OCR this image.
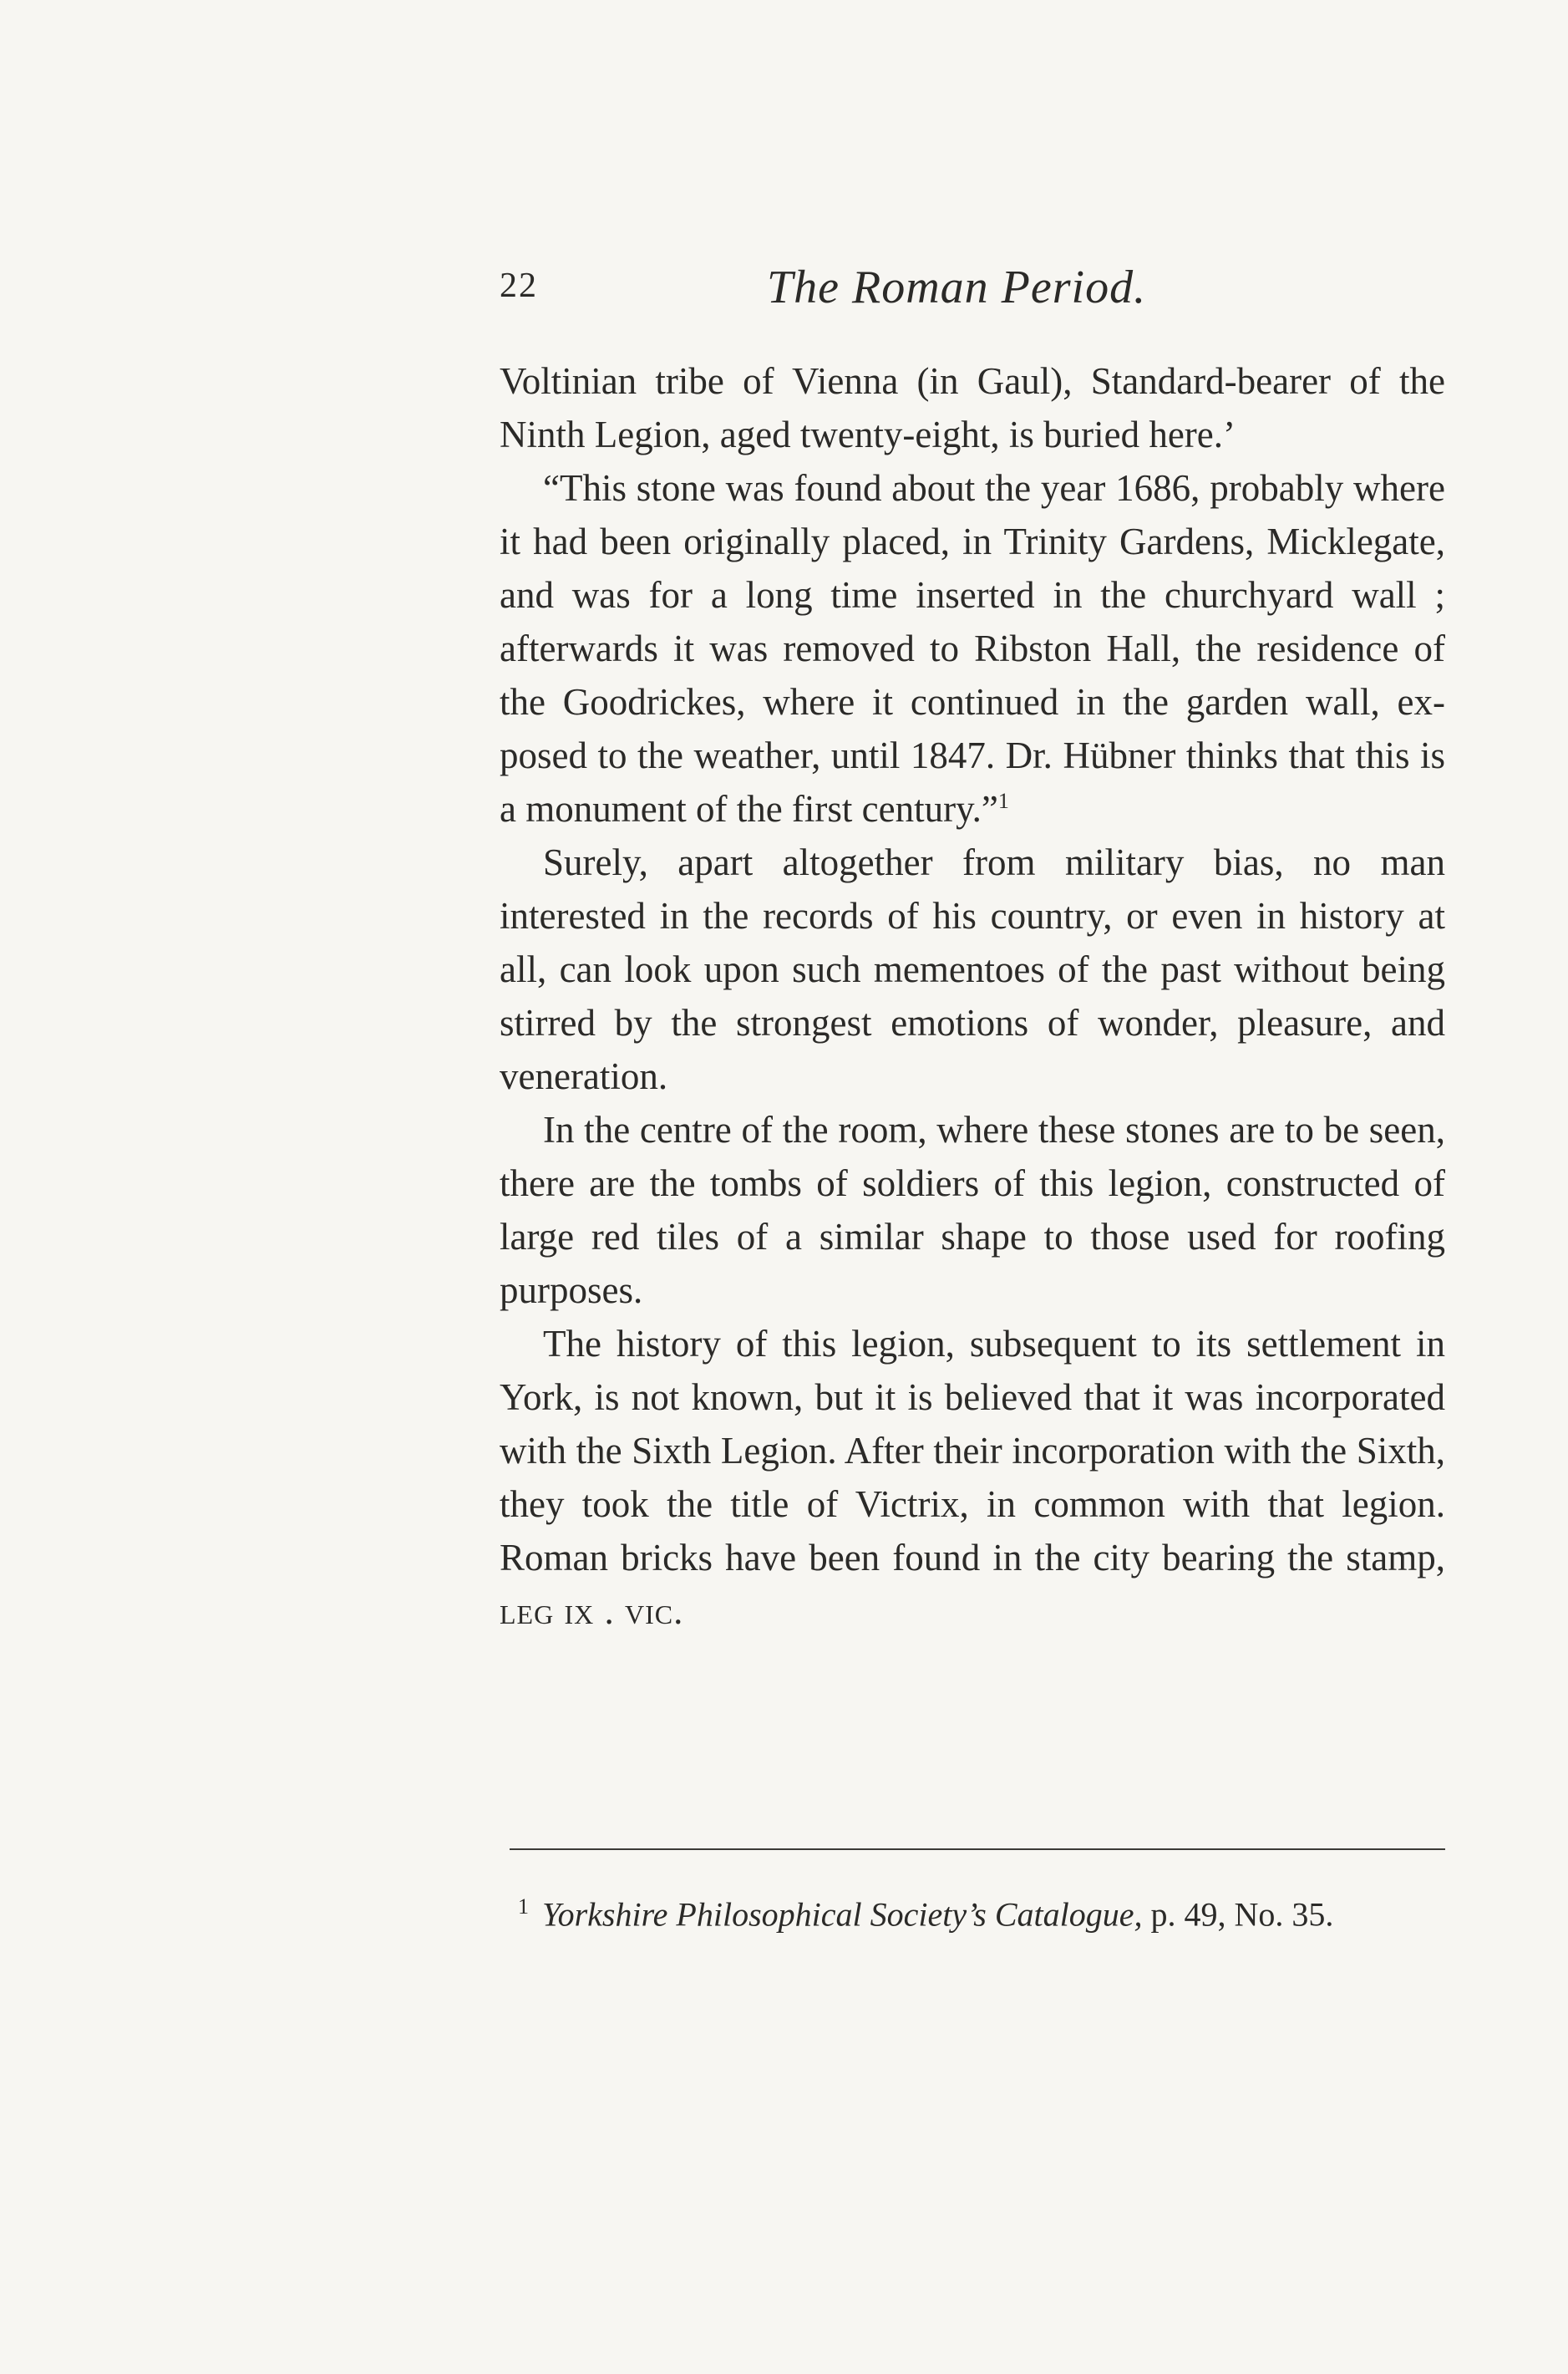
22	The Roman Period.

Voltinian tribe of Vienna (in Gaul), Standard-bearer of the Ninth Legion, aged twenty-eight, is buried here.’

“This stone was found about the year 1686, probably where it had been originally placed, in Trinity Gardens, Micklegate, and was for a long time inserted in the churchyard wall ; afterwards it was removed to Ribston Hall, the residence of the Goodrickes, where it continued in the garden wall, exposed to the weather, until 1847. Dr. Hübner thinks that this is a monument of the first century.”$^1$

Surely, apart altogether from military bias, no man interested in the records of his country, or even in history at all, can look upon such mementoes of the past without being stirred by the strongest emotions of wonder, pleasure, and veneration.

In the centre of the room, where these stones are to be seen, there are the tombs of soldiers of this legion, constructed of large red tiles of a similar shape to those used for roofing purposes.

The history of this legion, subsequent to its settlement in York, is not known, but it is believed that it was incorporated with the Sixth Legion. After their incorporation with the Sixth, they took the title of Victrix, in common with that legion. Roman bricks have been found in the city bearing the stamp, leg ix . vic.

$^1$ Yorkshire Philosophical Society’s Catalogue, p. 49, No. 35.
